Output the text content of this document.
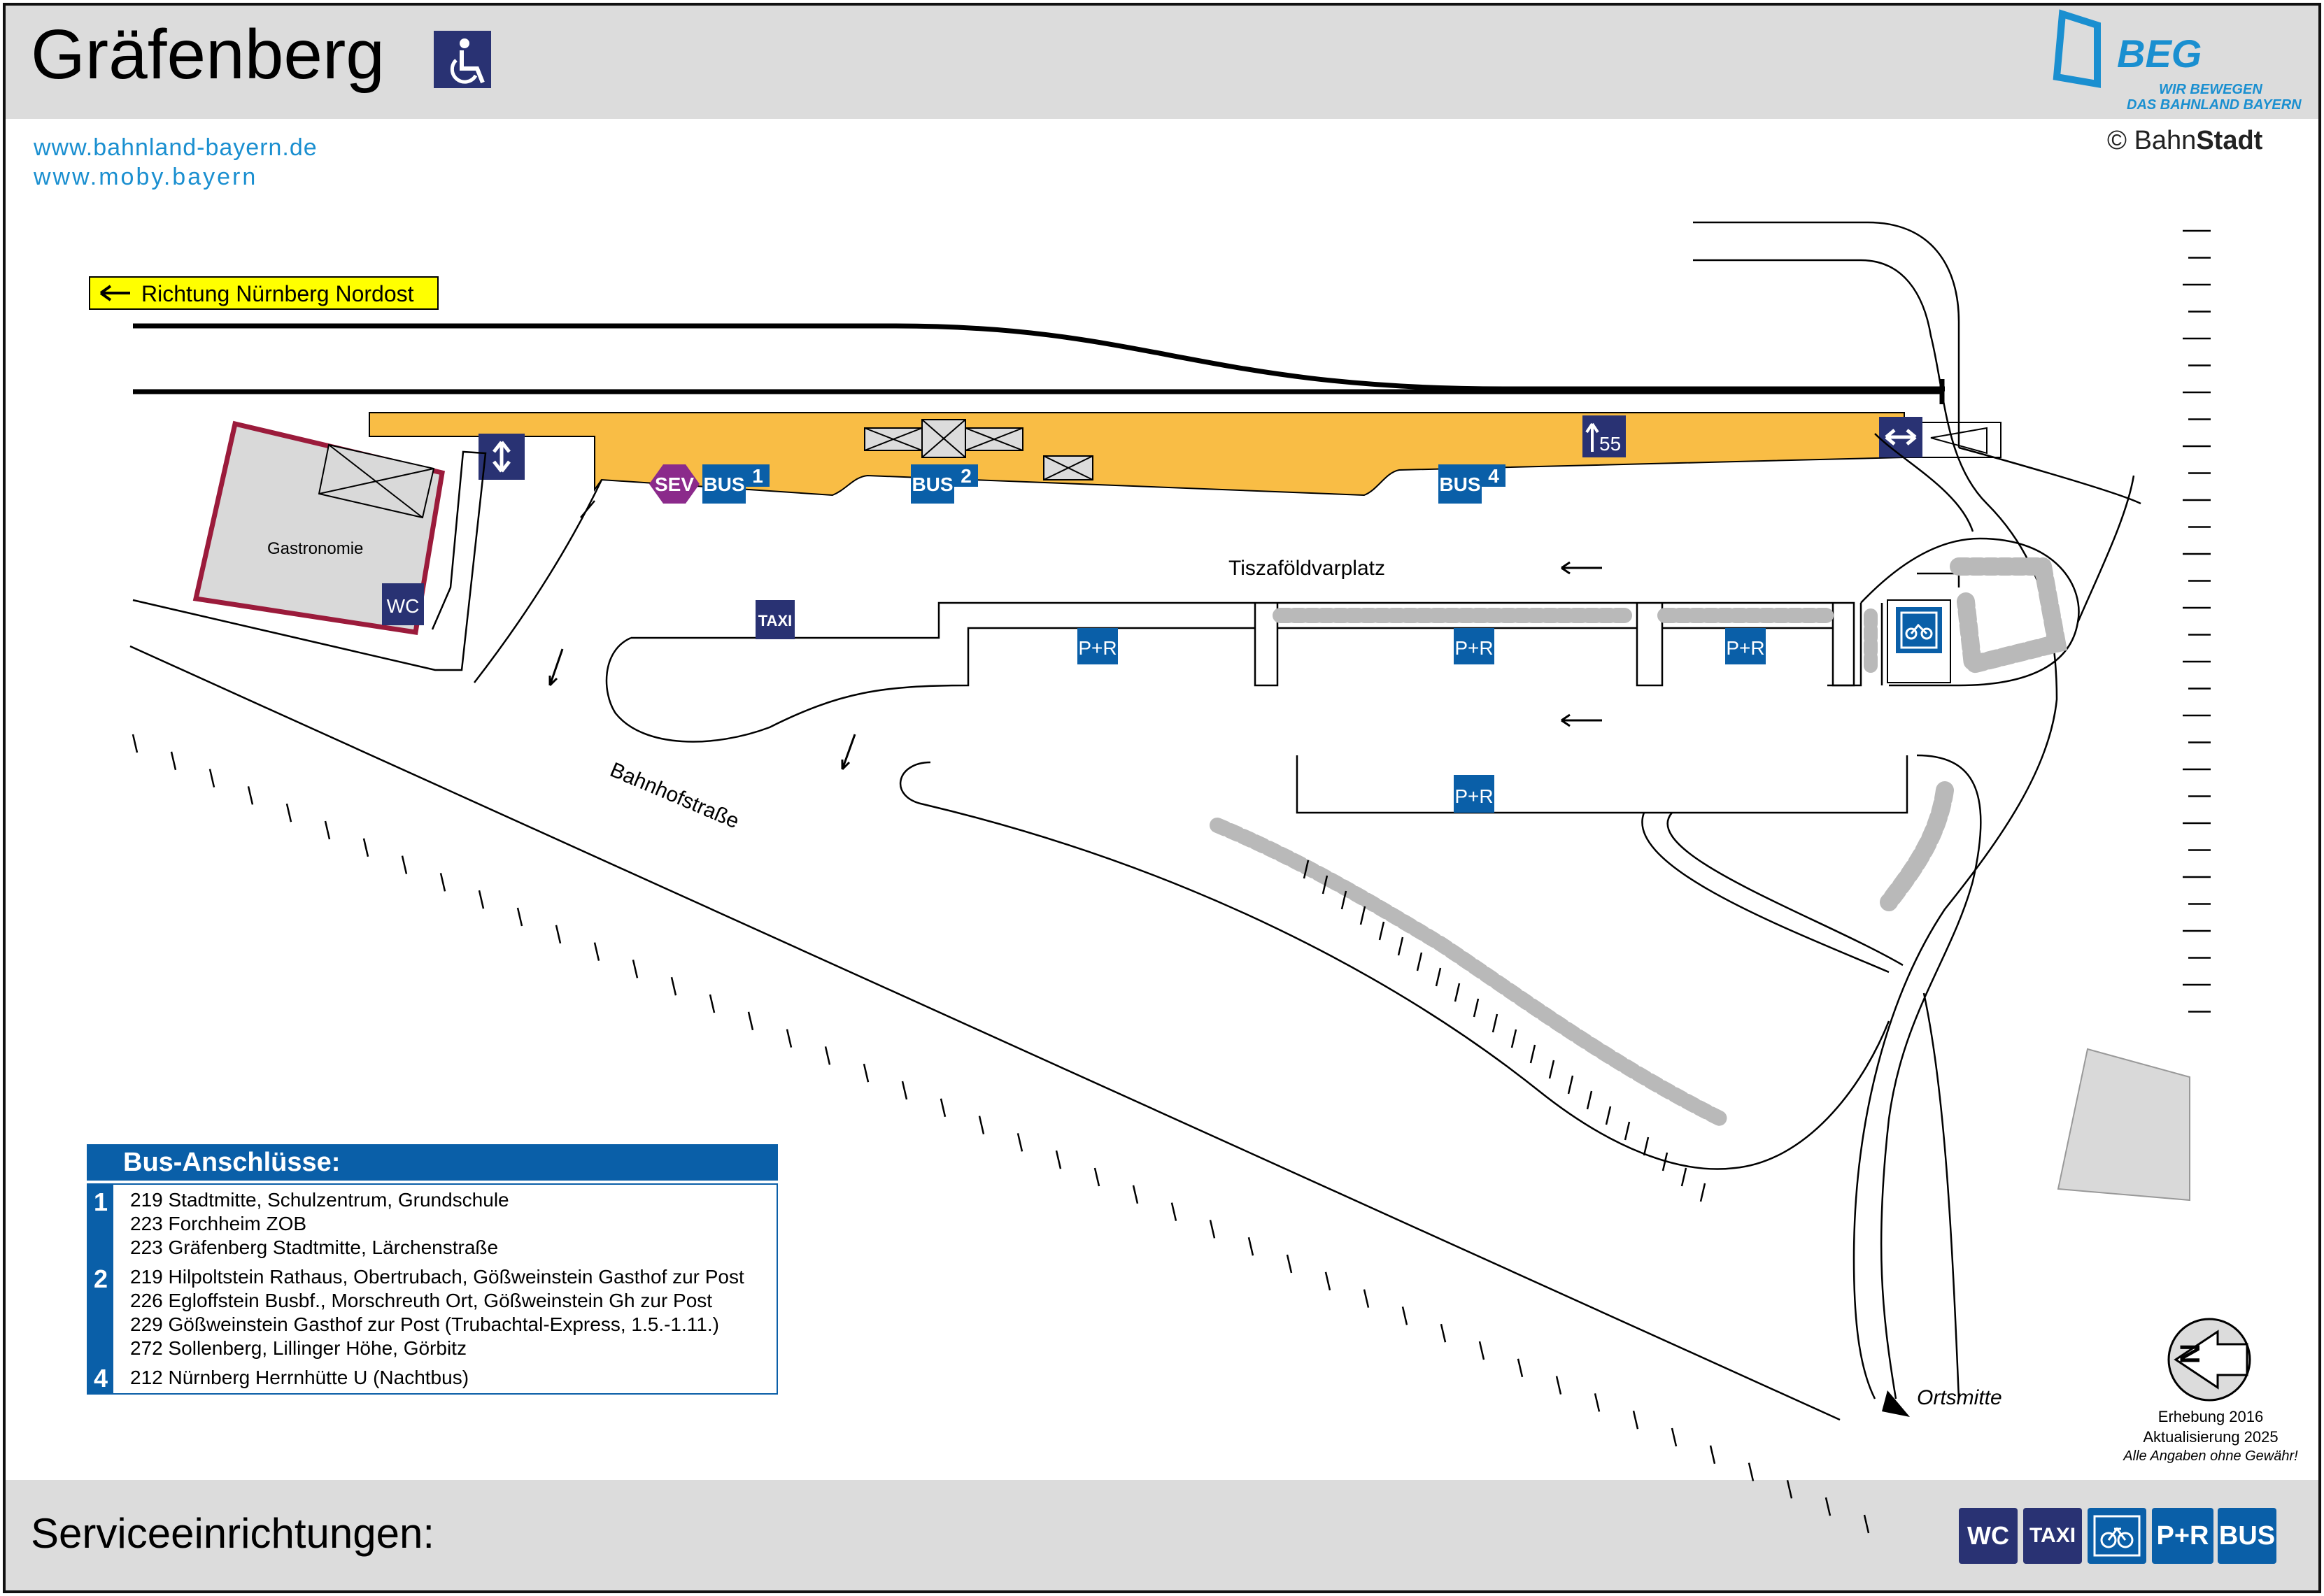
Gräfenberg
www.bahnland-bayern.de
www.moby.bayern
© BahnStadt
BEG
WIR BEWEGEN
DAS BAHNLAND BAYERN
Richtung Nürnberg Nordost
55
SEV BUS 1	BUS 2	BUS 4
Gastronomie
WC
TAXI
P+R	P+R	P+R
P+R
Tiszaföldvarplatz
Bahnhofstraße
Ortsmitte
N
Bus-Anschlüsse:
1 219 Stadtmitte, Schulzentrum, Grundschule
223 Forchheim ZOB
223 Gräfenberg Stadtmitte, Lärchenstraße
2 219 Hilpoltstein Rathaus, Obertrubach, Gößweinstein Gasthof zur Post
226 Egloffstein Busbf., Morschreuth Ort, Gößweinstein Gh zur Post
229 Gößweinstein Gasthof zur Post (Trubachtal-Express, 1.5.-1.11.)
272 Sollenberg, Lillinger Höhe, Görbitz
4 212 Nürnberg Herrnhütte U (Nachtbus)
Erhebung 2016
Aktualisierung 2025
Alle Angaben ohne Gewähr!
Serviceeinrichtungen:	WC TAXI	P+R BUS
